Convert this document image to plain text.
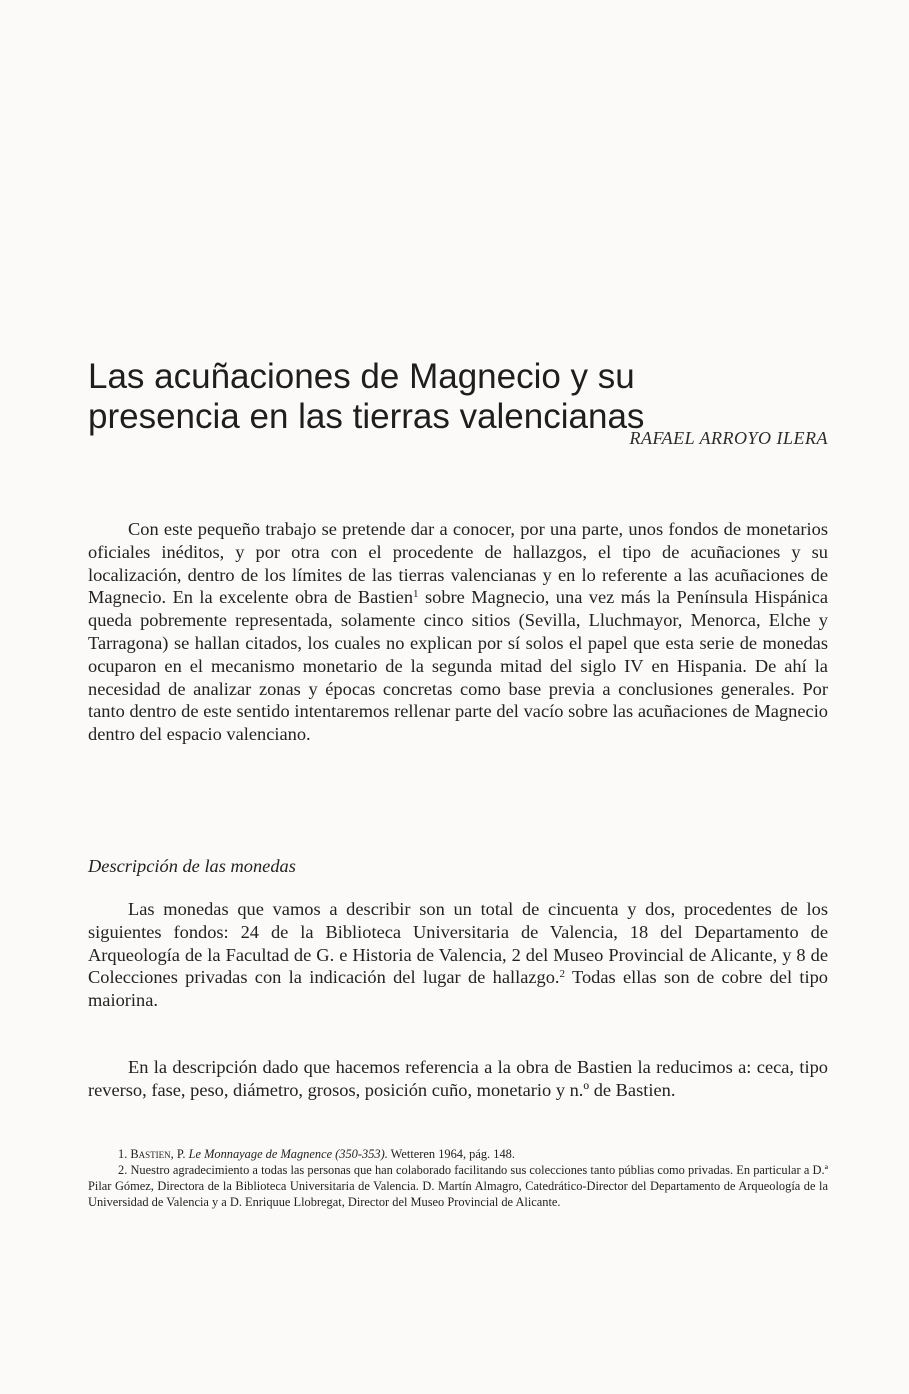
Las acuñaciones de Magnecio y su
presencia en las tierras valencianas
RAFAEL ARROYO ILERA

Con este pequeño trabajo se pretende dar a conocer, por una parte, unos fondos de monetarios oficiales inéditos, y por otra con el procedente de hallazgos, el tipo de acuñaciones y su localización, dentro de los límites de las tierras valencianas y en lo referente a las acuñaciones de Magnecio. En la excelente obra de Bastien$^1$ sobre Magnecio, una vez más la Península Hispánica queda pobremente representada, solamente cinco sitios (Sevilla, Lluchmayor, Menorca, Elche y Tarragona) se hallan citados, los cuales no explican por sí solos el papel que esta serie de monedas ocuparon en el mecanismo monetario de la segunda mitad del siglo IV en Hispania. De ahí la necesidad de analizar zonas y épocas concretas como base previa a conclusiones generales. Por tanto dentro de este sentido intentaremos rellenar parte del vacío sobre las acuñaciones de Magnecio dentro del espacio valenciano.

Descripción de las monedas

Las monedas que vamos a describir son un total de cincuenta y dos, procedentes de los siguientes fondos: 24 de la Biblioteca Universitaria de Valencia, 18 del Departamento de Arqueología de la Facultad de G. e Historia de Valencia, 2 del Museo Provincial de Alicante, y 8 de Colecciones privadas con la indicación del lugar de hallazgo.$^2$ Todas ellas son de cobre del tipo maiorina.

En la descripción dado que hacemos referencia a la obra de Bastien la reducimos a: ceca, tipo reverso, fase, peso, diámetro, grosos, posición cuño, monetario y n.º de Bastien.

1. Bastien, P. Le Monnayage de Magnence (350-353). Wetteren 1964, pág. 148.

2. Nuestro agradecimiento a todas las personas que han colaborado facilitando sus colecciones tanto públias como privadas. En particular a D.ª Pilar Gómez, Directora de la Biblioteca Universitaria de Valencia. D. Martín Almagro, Catedrático-Director del Departamento de Arqueología de la Universidad de Valencia y a D. Enriquue Llobregat, Director del Museo Provincial de Alicante.
